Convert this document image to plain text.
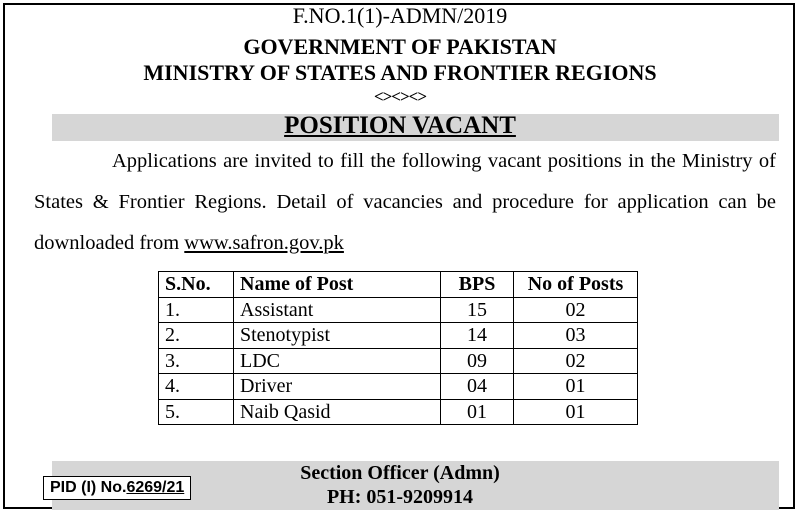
F.NO.1(1)-ADMN/2019
GOVERNMENT OF PAKISTAN
MINISTRY OF STATES AND FRONTIER REGIONS
<><><>
POSITION VACANT
Applications are invited to fill the following vacant positions in the Ministry of States & Frontier Regions. Detail of vacancies and procedure for application can be downloaded from www.safron.gov.pk
S.No.	Name of Post	BPS	No of Posts
1.	Assistant	15	02
2.	Stenotypist	14	03
3.	LDC	09	02
4.	Driver	04	01
5.	Naib Qasid	01	01
Section Officer (Admn)
PH: 051-9209914
PID (I) No.6269/21
